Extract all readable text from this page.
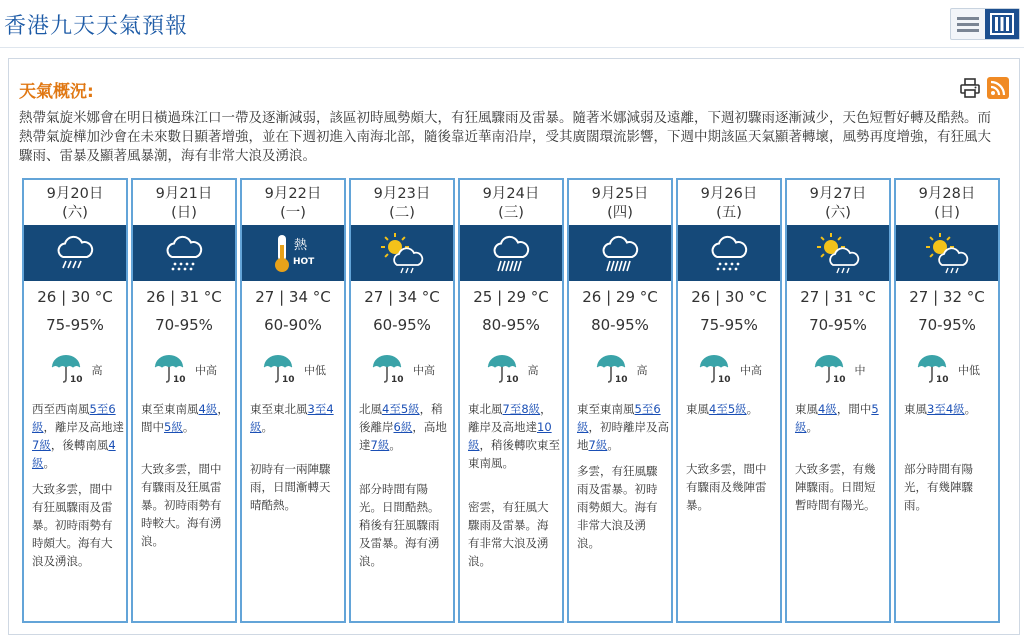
香港九天天氣預報
天氣概況:
熱帶氣旋米娜會在明日橫過珠江口一帶及逐漸減弱，該區初時風勢頗大，有狂風驟雨及雷暴。隨著米娜減弱及遠離，下週初驟雨逐漸減少，天色短暫好轉及酷熱。而熱帶氣旋樺加沙會在未來數日顯著增強，並在下週初進入南海北部，隨後靠近華南沿岸，受其廣闊環流影響，下週中期該區天氣顯著轉壞，風勢再度增強，有狂風大驟雨、雷暴及顯著風暴潮，海有非常大浪及湧浪。
9月20日
(六)
26 | 30 °C
75-95%
10
高
西至西南風5至6級，離岸及高地達7級，後轉南風4級。
大致多雲，間中有狂風驟雨及雷暴。初時雨勢有時頗大。海有大浪及湧浪。
9月21日
(日)
26 | 31 °C
70-95%
10
中高
東至東南風4級，間中5級。
大致多雲，間中有驟雨及狂風雷暴。初時雨勢有時較大。海有湧浪。
9月22日
(一)
熱
HOT
27 | 34 °C
60-90%
10
中低
東至東北風3至4級。
初時有一兩陣驟雨，日間漸轉天晴酷熱。
9月23日
(二)
27 | 34 °C
60-95%
10
中高
北風4至5級，稍後離岸6級，高地達7級。
部分時間有陽光。日間酷熱。稍後有狂風驟雨及雷暴。海有湧浪。
9月24日
(三)
25 | 29 °C
80-95%
10
高
東北風7至8級，離岸及高地達10級，稍後轉吹東至東南風。
密雲，有狂風大驟雨及雷暴。海有非常大浪及湧浪。
9月25日
(四)
26 | 29 °C
80-95%
10
高
東至東南風5至6級，初時離岸及高地7級。
多雲，有狂風驟雨及雷暴。初時雨勢頗大。海有非常大浪及湧浪。
9月26日
(五)
26 | 30 °C
75-95%
10
中高
東風4至5級。
大致多雲，間中有驟雨及幾陣雷暴。
9月27日
(六)
27 | 31 °C
70-95%
10
中
東風4級，間中5級。
大致多雲，有幾陣驟雨。日間短暫時間有陽光。
9月28日
(日)
27 | 32 °C
70-95%
10
中低
東風3至4級。
部分時間有陽光，有幾陣驟雨。
